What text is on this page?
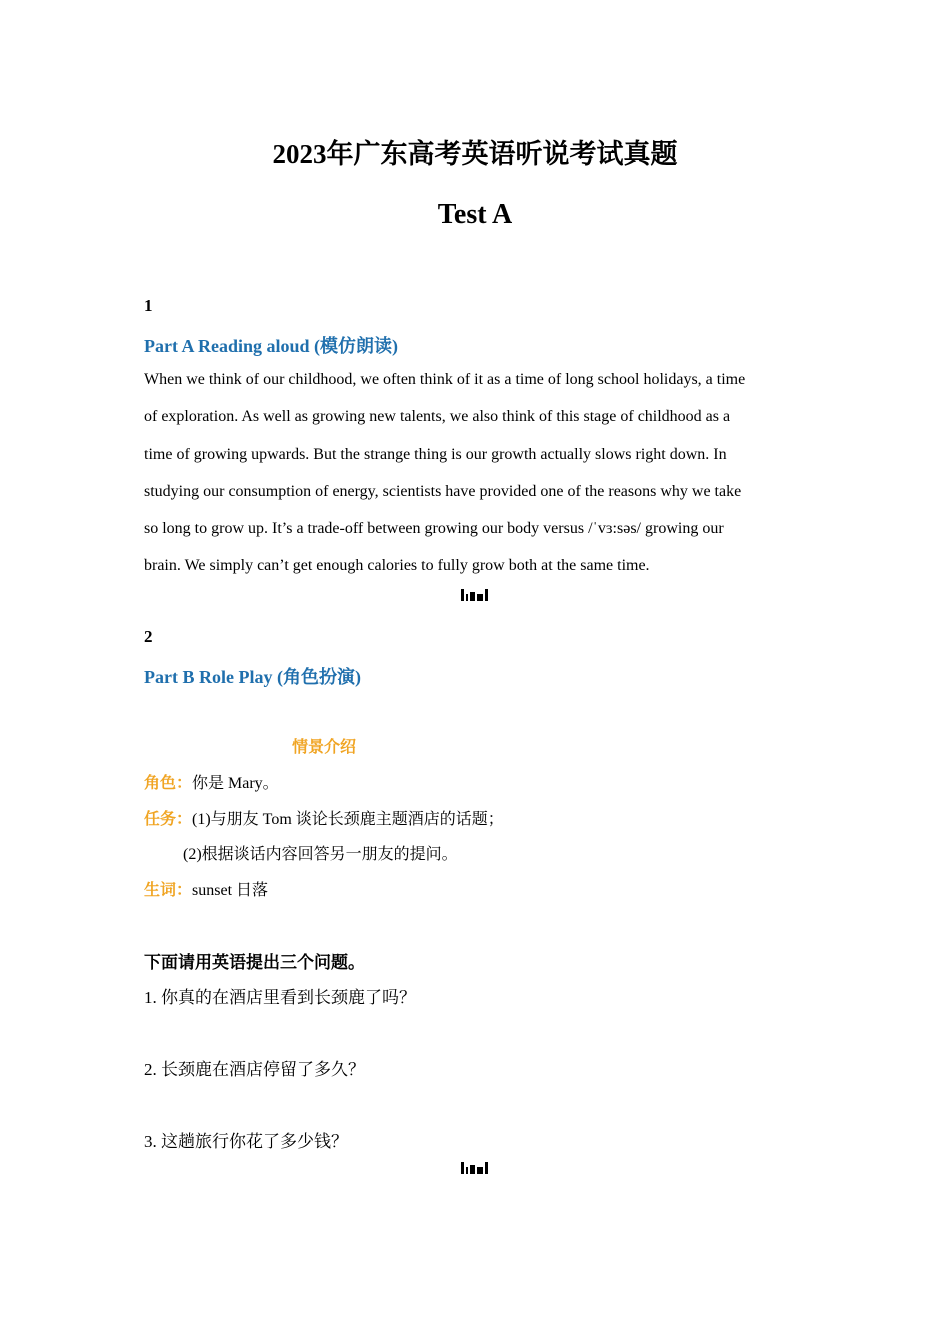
2023年广东高考英语听说考试真题
Test A
1
Part A Reading aloud (模仿朗读)
When we think of our childhood, we often think of it as a time of long school holidays, a time
of exploration. As well as growing new talents, we also think of this stage of childhood as a
time of growing upwards. But the strange thing is our growth actually slows right down. In
studying our consumption of energy, scientists have provided one of the reasons why we take
so long to grow up. It’s a trade-off between growing our body versus /ˈvɜ:səs/ growing our
brain. We simply can’t get enough calories to fully grow both at the same time.
2
Part B Role Play (角色扮演)
情景介绍
角色：你是 Mary。
任务：(1)与朋友 Tom 谈论长颈鹿主题酒店的话题；
(2)根据谈话内容回答另一朋友的提问。
生词：sunset 日落
下面请用英语提出三个问题。
1. 你真的在酒店里看到长颈鹿了吗？
2. 长颈鹿在酒店停留了多久？
3. 这趟旅行你花了多少钱？
